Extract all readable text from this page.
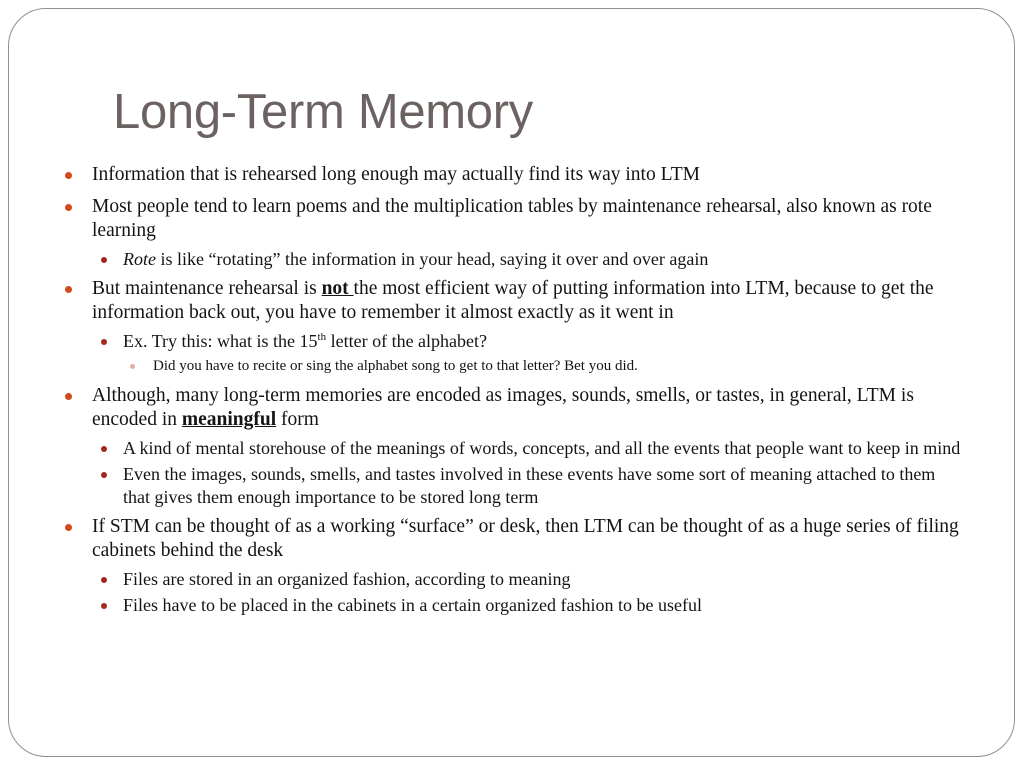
Long-Term Memory
Information that is rehearsed long enough may actually find its way into LTM
Most people tend to learn poems and the multiplication tables by maintenance rehearsal, also known as rote learning
Rote is like “rotating” the information in your head, saying it over and over again
But maintenance rehearsal is not the most efficient way of putting information into LTM, because to get the information back out, you have to remember it almost exactly as it went in
Ex. Try this: what is the 15th letter of the alphabet?
Did you have to recite or sing the alphabet song to get to that letter? Bet you did.
Although, many long-term memories are encoded as images, sounds, smells, or tastes, in general, LTM is encoded in meaningful form
A kind of mental storehouse of the meanings of words, concepts, and all the events that people want to keep in mind
Even the images, sounds, smells, and tastes involved in these events have some sort of meaning attached to them that gives them enough importance to be stored long term
If STM can be thought of as a working “surface” or desk, then LTM can be thought of as a huge series of filing cabinets behind the desk
Files are stored in an organized fashion, according to meaning
Files have to be placed in the cabinets in a certain organized fashion to be useful
